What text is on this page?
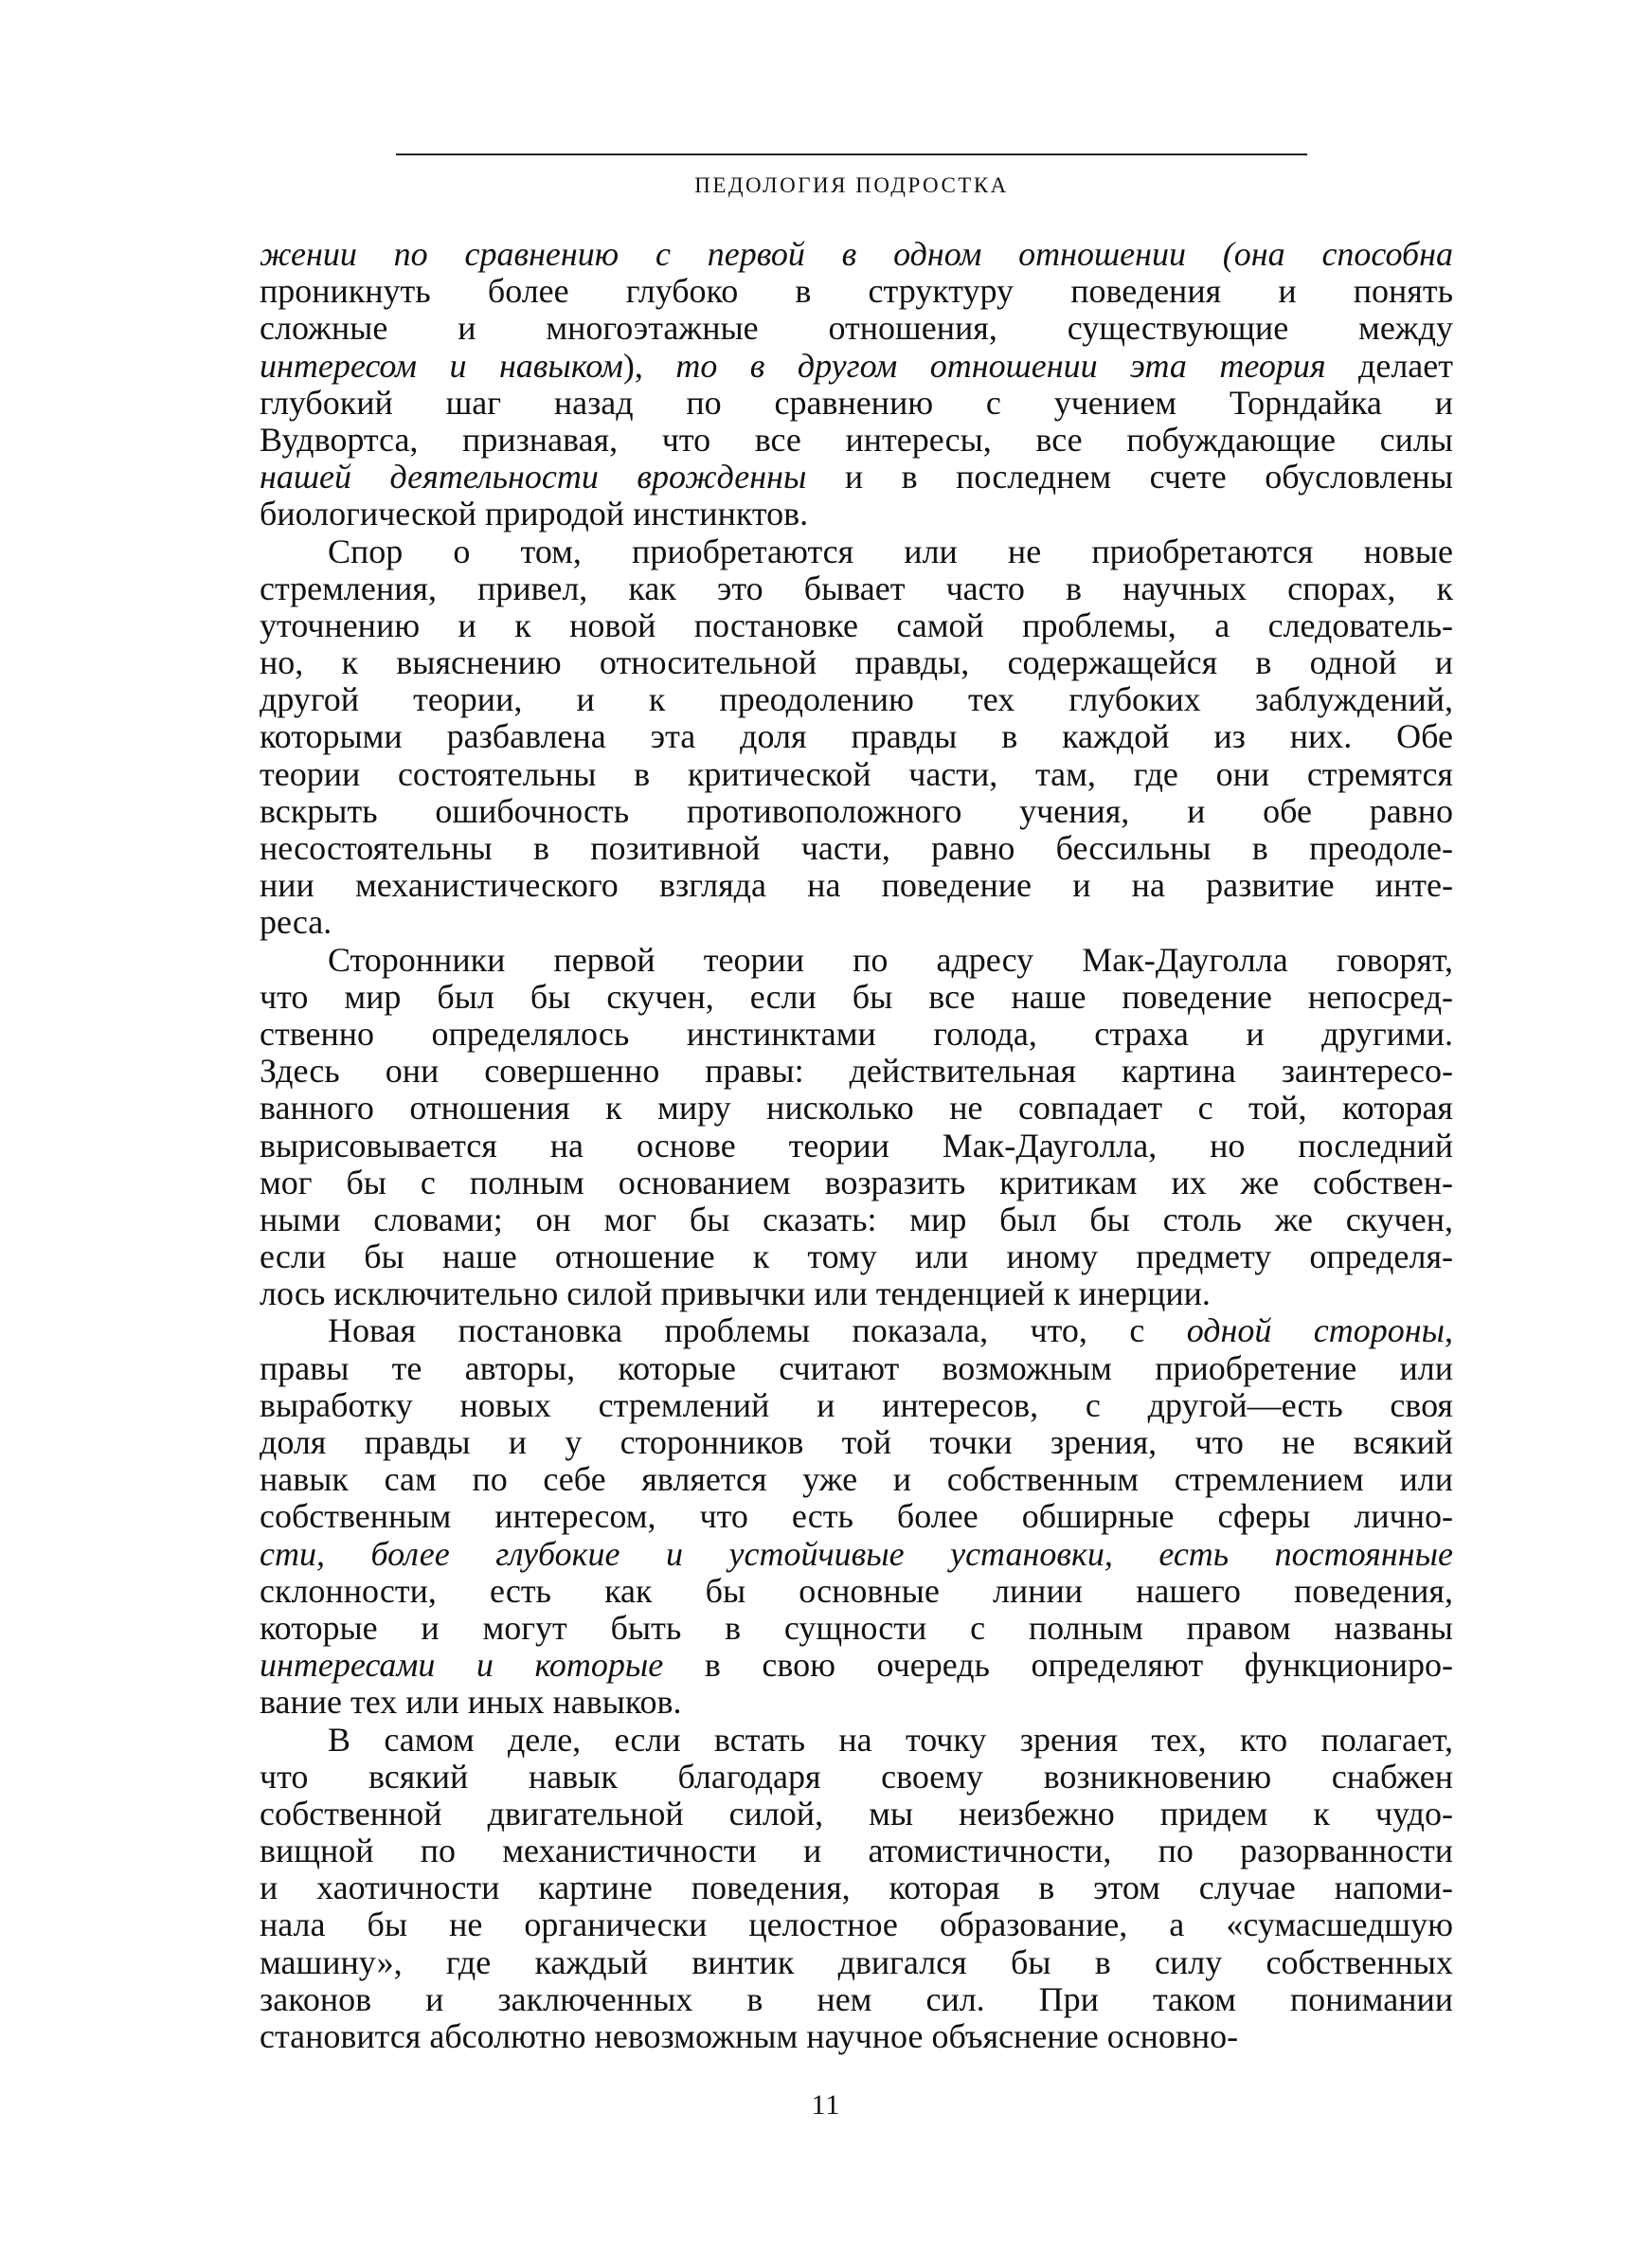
ПЕДОЛОГИЯ ПОДРОСТКА
жении по сравнению с первой в одном отношении (она способна
проникнуть более глубоко в структуру поведения и понять
сложные и многоэтажные отношения, существующие между
интересом и навыком), то в другом отношении эта теория делает
глубокий шаг назад по сравнению с учением Торндайка и
Вудвортса, признавая, что все интересы, все побуждающие силы
нашей деятельности врожденны и в последнем счете обусловлены
биологической природой инстинктов.
Спор о том, приобретаются или не приобретаются новые
стремления, привел, как это бывает часто в научных спорах, к
уточнению и к новой постановке самой проблемы, а следователь-
но, к выяснению относительной правды, содержащейся в одной и
другой теории, и к преодолению тех глубоких заблуждений,
которыми разбавлена эта доля правды в каждой из них. Обе
теории состоятельны в критической части, там, где они стремятся
вскрыть ошибочность противоположного учения, и обе равно
несостоятельны в позитивной части, равно бессильны в преодоле-
нии механистического взгляда на поведение и на развитие инте-
реса.
Сторонники первой теории по адресу Мак-Дауголла говорят,
что мир был бы скучен, если бы все наше поведение непосред-
ственно определялось инстинктами голода, страха и другими.
Здесь они совершенно правы: действительная картина заинтересо-
ванного отношения к миру нисколько не совпадает с той, которая
вырисовывается на основе теории Мак-Дауголла, но последний
мог бы с полным основанием возразить критикам их же собствен-
ными словами; он мог бы сказать: мир был бы столь же скучен,
если бы наше отношение к тому или иному предмету определя-
лось исключительно силой привычки или тенденцией к инерции.
Новая постановка проблемы показала, что, с одной стороны,
правы те авторы, которые считают возможным приобретение или
выработку новых стремлений и интересов, с другой—есть своя
доля правды и у сторонников той точки зрения, что не всякий
навык сам по себе является уже и собственным стремлением или
собственным интересом, что есть более обширные сферы лично-
сти, более глубокие и устойчивые установки, есть постоянные
склонности, есть как бы основные линии нашего поведения,
которые и могут быть в сущности с полным правом названы
интересами и которые в свою очередь определяют функциониро-
вание тех или иных навыков.
В самом деле, если встать на точку зрения тех, кто полагает,
что всякий навык благодаря своему возникновению снабжен
собственной двигательной силой, мы неизбежно придем к чудо-
вищной по механистичности и атомистичности, по разорванности
и хаотичности картине поведения, которая в этом случае напоми-
нала бы не органически целостное образование, а «сумасшедшую
машину», где каждый винтик двигался бы в силу собственных
законов и заключенных в нем сил. При таком понимании
становится абсолютно невозможным научное объяснение основно-
11
